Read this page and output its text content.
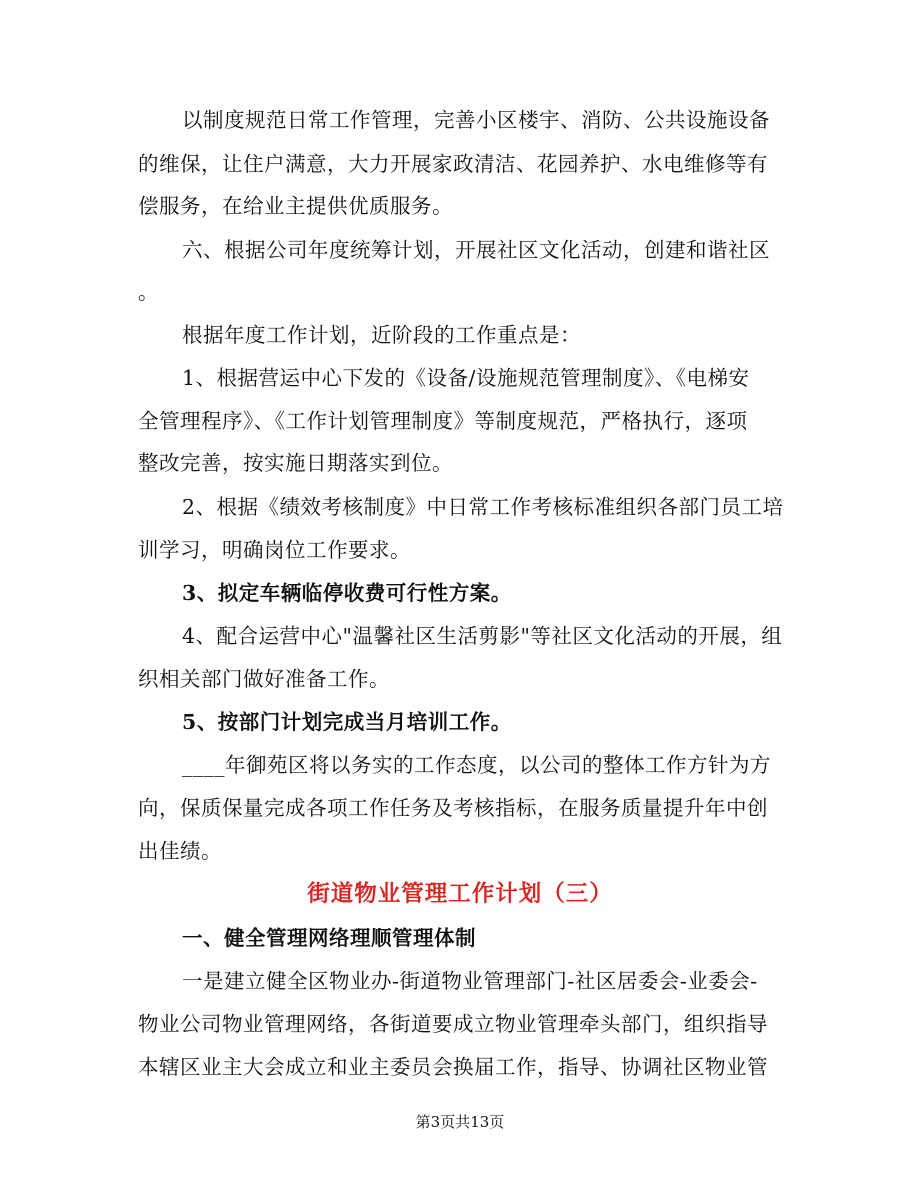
以制度规范日常工作管理，完善小区楼宇、消防、公共设施设备
的维保，让住户满意，大力开展家政清洁、花园养护、水电维修等有
偿服务，在给业主提供优质服务。
六、根据公司年度统筹计划，开展社区文化活动，创建和谐社区
。
根据年度工作计划，近阶段的工作重点是：
1、根据营运中心下发的《设备/设施规范管理制度》、《电梯安
全管理程序》、《工作计划管理制度》等制度规范，严格执行，逐项
整改完善，按实施日期落实到位。
2、根据《绩效考核制度》中日常工作考核标准组织各部门员工培
训学习，明确岗位工作要求。
3、拟定车辆临停收费可行性方案。
4、配合运营中心"温馨社区生活剪影"等社区文化活动的开展，组
织相关部门做好准备工作。
5、按部门计划完成当月培训工作。
____年御苑区将以务实的工作态度，以公司的整体工作方针为方
向，保质保量完成各项工作任务及考核指标，在服务质量提升年中创
出佳绩。
街道物业管理工作计划（三）
一、健全管理网络理顺管理体制
一是建立健全区物业办-街道物业管理部门-社区居委会-业委会-
物业公司物业管理网络，各街道要成立物业管理牵头部门，组织指导
本辖区业主大会成立和业主委员会换届工作，指导、协调社区物业管
第3页共13页
